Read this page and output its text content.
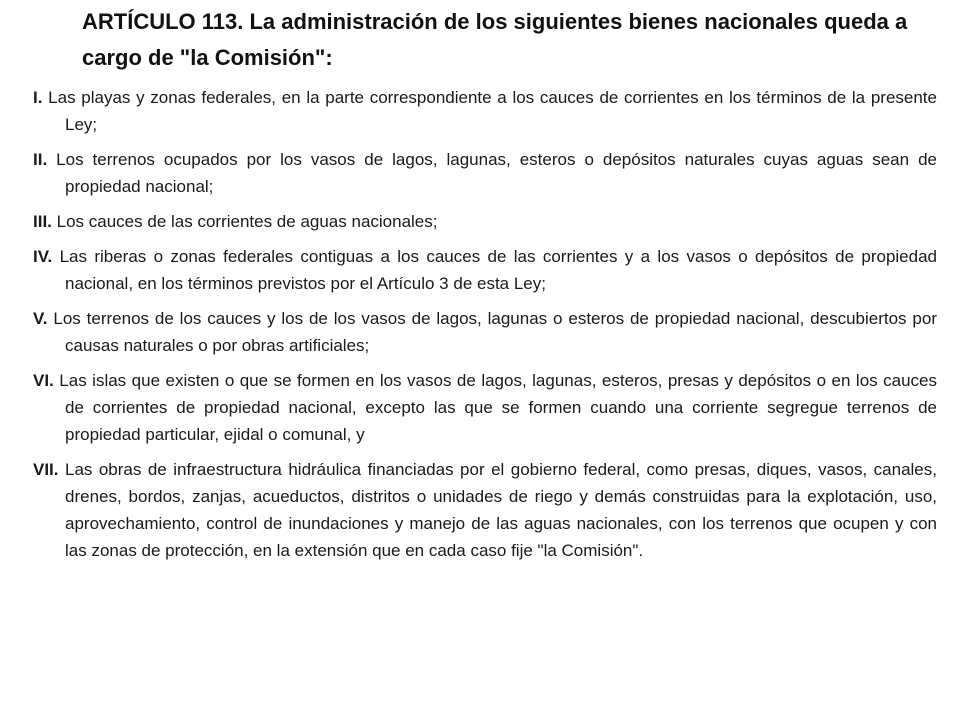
ARTÍCULO 113. La administración de los siguientes bienes nacionales queda a cargo de "la Comisión":
I. Las playas y zonas federales, en la parte correspondiente a los cauces de corrientes en los términos de la presente Ley;
II. Los terrenos ocupados por los vasos de lagos, lagunas, esteros o depósitos naturales cuyas aguas sean de propiedad nacional;
III. Los cauces de las corrientes de aguas nacionales;
IV. Las riberas o zonas federales contiguas a los cauces de las corrientes y a los vasos o depósitos de propiedad nacional, en los términos previstos por el Artículo 3 de esta Ley;
V. Los terrenos de los cauces y los de los vasos de lagos, lagunas o esteros de propiedad nacional, descubiertos por causas naturales o por obras artificiales;
VI. Las islas que existen o que se formen en los vasos de lagos, lagunas, esteros, presas y depósitos o en los cauces de corrientes de propiedad nacional, excepto las que se formen cuando una corriente segregue terrenos de propiedad particular, ejidal o comunal, y
VII. Las obras de infraestructura hidráulica financiadas por el gobierno federal, como presas, diques, vasos, canales, drenes, bordos, zanjas, acueductos, distritos o unidades de riego y demás construidas para la explotación, uso, aprovechamiento, control de inundaciones y manejo de las aguas nacionales, con los terrenos que ocupen y con las zonas de protección, en la extensión que en cada caso fije "la Comisión".
